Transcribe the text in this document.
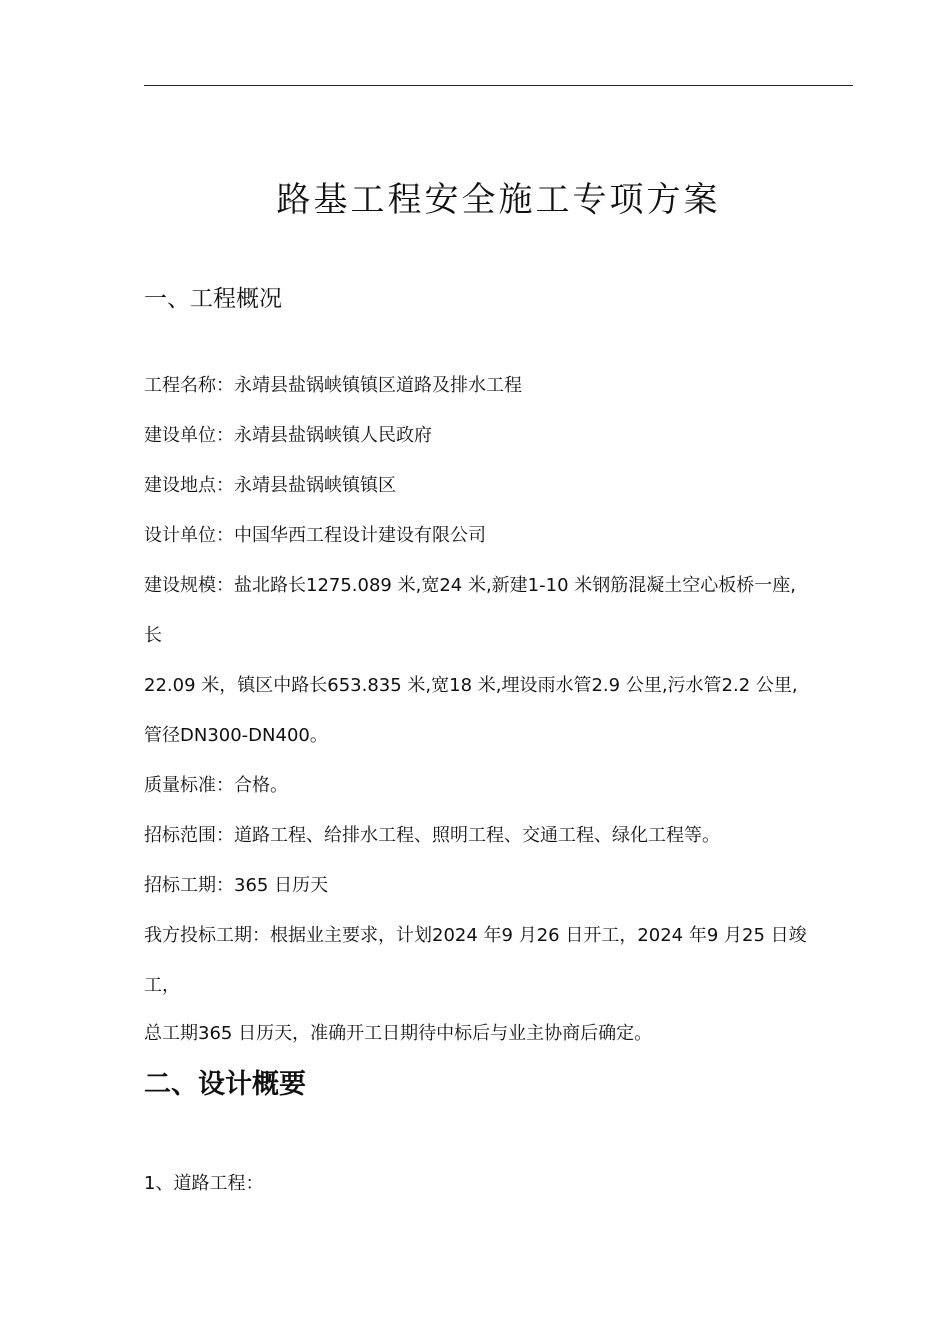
路基工程安全施工专项方案
一、工程概况
工程名称：永靖县盐锅峡镇镇区道路及排水工程
建设单位：永靖县盐锅峡镇人民政府
建设地点：永靖县盐锅峡镇镇区
设计单位：中国华西工程设计建设有限公司
建设规模：盐北路长1275.089 米,宽24 米,新建1-10 米钢筋混凝土空心板桥一座,
长
22.09 米，镇区中路长653.835 米,宽18 米,埋设雨水管2.9 公里,污水管2.2 公里,
管径DN300-DN400。
质量标准：合格。
招标范围：道路工程、给排水工程、照明工程、交通工程、绿化工程等。
招标工期：365 日历天
我方投标工期：根据业主要求，计划2024 年9 月26 日开工，2024 年9 月25 日竣
工，
总工期365 日历天，准确开工日期待中标后与业主协商后确定。
二、设计概要
1、道路工程：
